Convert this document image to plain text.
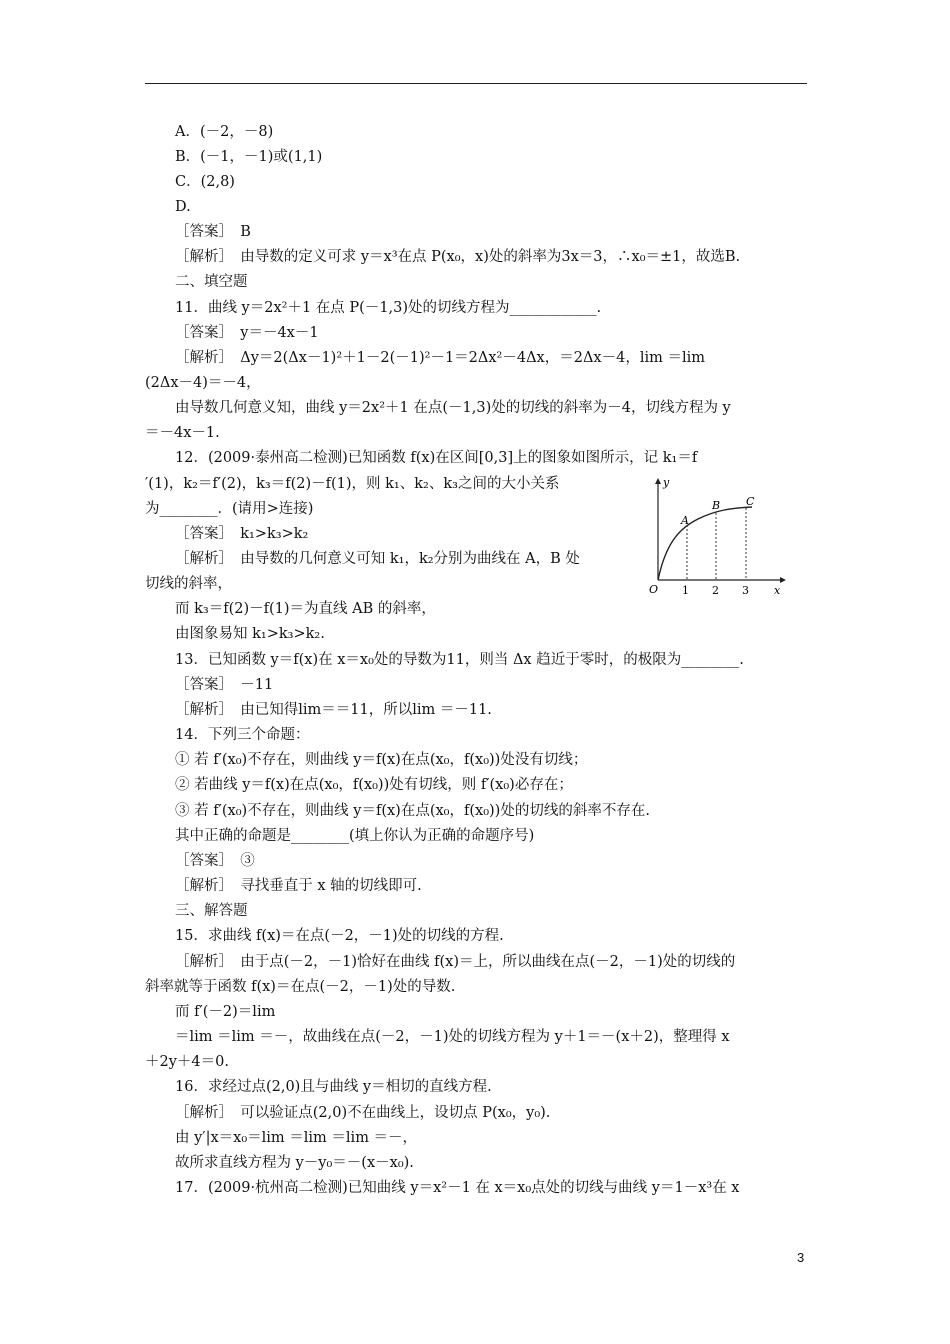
A．(－2，－8)
B．(－1，－1)或(1,1)
C．(2,8)
D.
［答案］　B
［解析］　由导数的定义可求 y＝x³在点 P(x₀，x)处的斜率为3x＝3，∴x₀＝±1，故选B.
二、填空题
11．曲线 y＝2x²＋1 在点 P(－1,3)处的切线方程为____________.
［答案］　y＝－4x－1
［解析］　Δy＝2(Δx－1)²＋1－2(－1)²－1＝2Δx²－4Δx，＝2Δx－4，lim ＝lim
(2Δx－4)＝－4，
由导数几何意义知，曲线 y＝2x²＋1 在点(－1,3)处的切线的斜率为－4，切线方程为 y
＝－4x－1.
12．(2009·泰州高二检测)已知函数 f(x)在区间[0,3]上的图象如图所示，记 k₁＝f
′(1)，k₂＝f′(2)，k₃＝f(2)－f(1)，则 k₁、k₂、k₃之间的大小关系
为________．(请用>连接)
［答案］　k₁>k₃>k₂
［解析］　由导数的几何意义可知 k₁，k₂分别为曲线在 A，B 处
切线的斜率，
而 k₃＝f(2)－f(1)＝为直线 AB 的斜率，
由图象易知 k₁>k₃>k₂.
13．已知函数 y＝f(x)在 x＝x₀处的导数为11，则当 Δx 趋近于零时，的极限为________.
［答案］　－11
［解析］　由已知得lim＝＝11，所以lim ＝－11.
14．下列三个命题：
① 若 f′(x₀)不存在，则曲线 y＝f(x)在点(x₀，f(x₀))处没有切线；
② 若曲线 y＝f(x)在点(x₀，f(x₀))处有切线，则 f′(x₀)必存在；
③ 若 f′(x₀)不存在，则曲线 y＝f(x)在点(x₀，f(x₀))处的切线的斜率不存在.
其中正确的命题是________(填上你认为正确的命题序号)
［答案］　③
［解析］　寻找垂直于 x 轴的切线即可.
三、解答题
15．求曲线 f(x)＝在点(－2，－1)处的切线的方程.
［解析］　由于点(－2，－1)恰好在曲线 f(x)＝上，所以曲线在点(－2，－1)处的切线的
斜率就等于函数 f(x)＝在点(－2，－1)处的导数.
而 f′(－2)＝lim
＝lim ＝lim ＝－，故曲线在点(－2，－1)处的切线方程为 y＋1＝－(x＋2)，整理得 x
＋2y＋4＝0.
16．求经过点(2,0)且与曲线 y＝相切的直线方程.
［解析］　可以验证点(2,0)不在曲线上，设切点 P(x₀，y₀).
由 y′|x＝x₀＝lim ＝lim ＝lim ＝－，
故所求直线方程为 y－y₀＝－(x－x₀).
17．(2009·杭州高二检测)已知曲线 y＝x²－1 在 x＝x₀点处的切线与曲线 y＝1－x³在 x
y
x
O 1 2 3
A
B C
3
